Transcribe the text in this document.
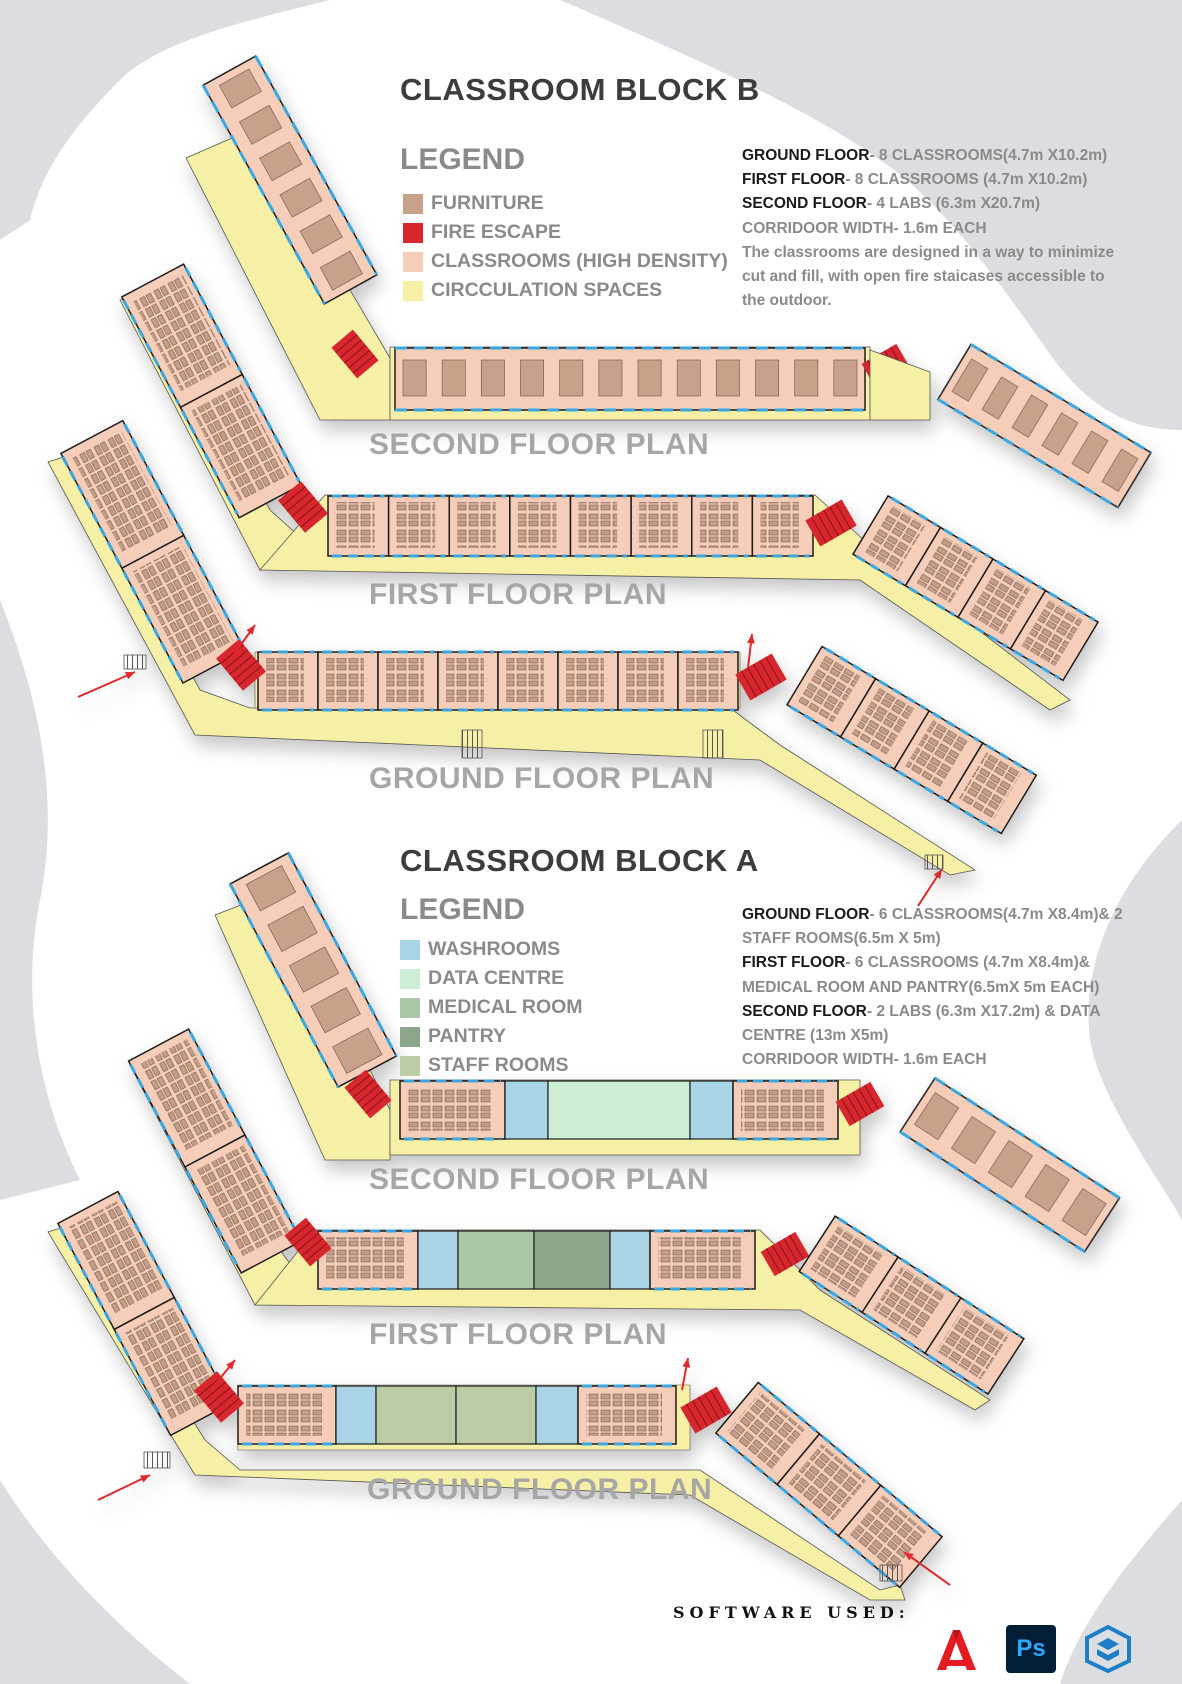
CLASSROOM BLOCK B
LEGEND
FURNITURE
FIRE ESCAPE
CLASSROOMS (HIGH DENSITY)
CIRCCULATION SPACES
GROUND FLOOR- 8 CLASSROOMS(4.7m X10.2m)
FIRST FLOOR- 8 CLASSROOMS (4.7m X10.2m)
SECOND FLOOR- 4 LABS (6.3m X20.7m)
CORRIDOOR WIDTH- 1.6m EACH
The classrooms are designed in a way to minimize
cut and fill, with open fire staicases accessible to
the outdoor.
SECOND FLOOR PLAN
FIRST FLOOR PLAN
GROUND FLOOR PLAN
CLASSROOM BLOCK A
LEGEND
WASHROOMS
DATA CENTRE
MEDICAL ROOM
PANTRY
STAFF ROOMS
GROUND FLOOR- 6 CLASSROOMS(4.7m X8.4m)& 2
STAFF ROOMS(6.5m X 5m)
FIRST FLOOR- 6 CLASSROOMS (4.7m X8.4m)&
MEDICAL ROOM AND PANTRY(6.5mX 5m EACH)
SECOND FLOOR- 2 LABS (6.3m X17.2m) & DATA
CENTRE (13m X5m)
CORRIDOOR WIDTH- 1.6m EACH
SECOND FLOOR PLAN
FIRST FLOOR PLAN
GROUND FLOOR PLAN

SOFTWARE USED:

Ps
